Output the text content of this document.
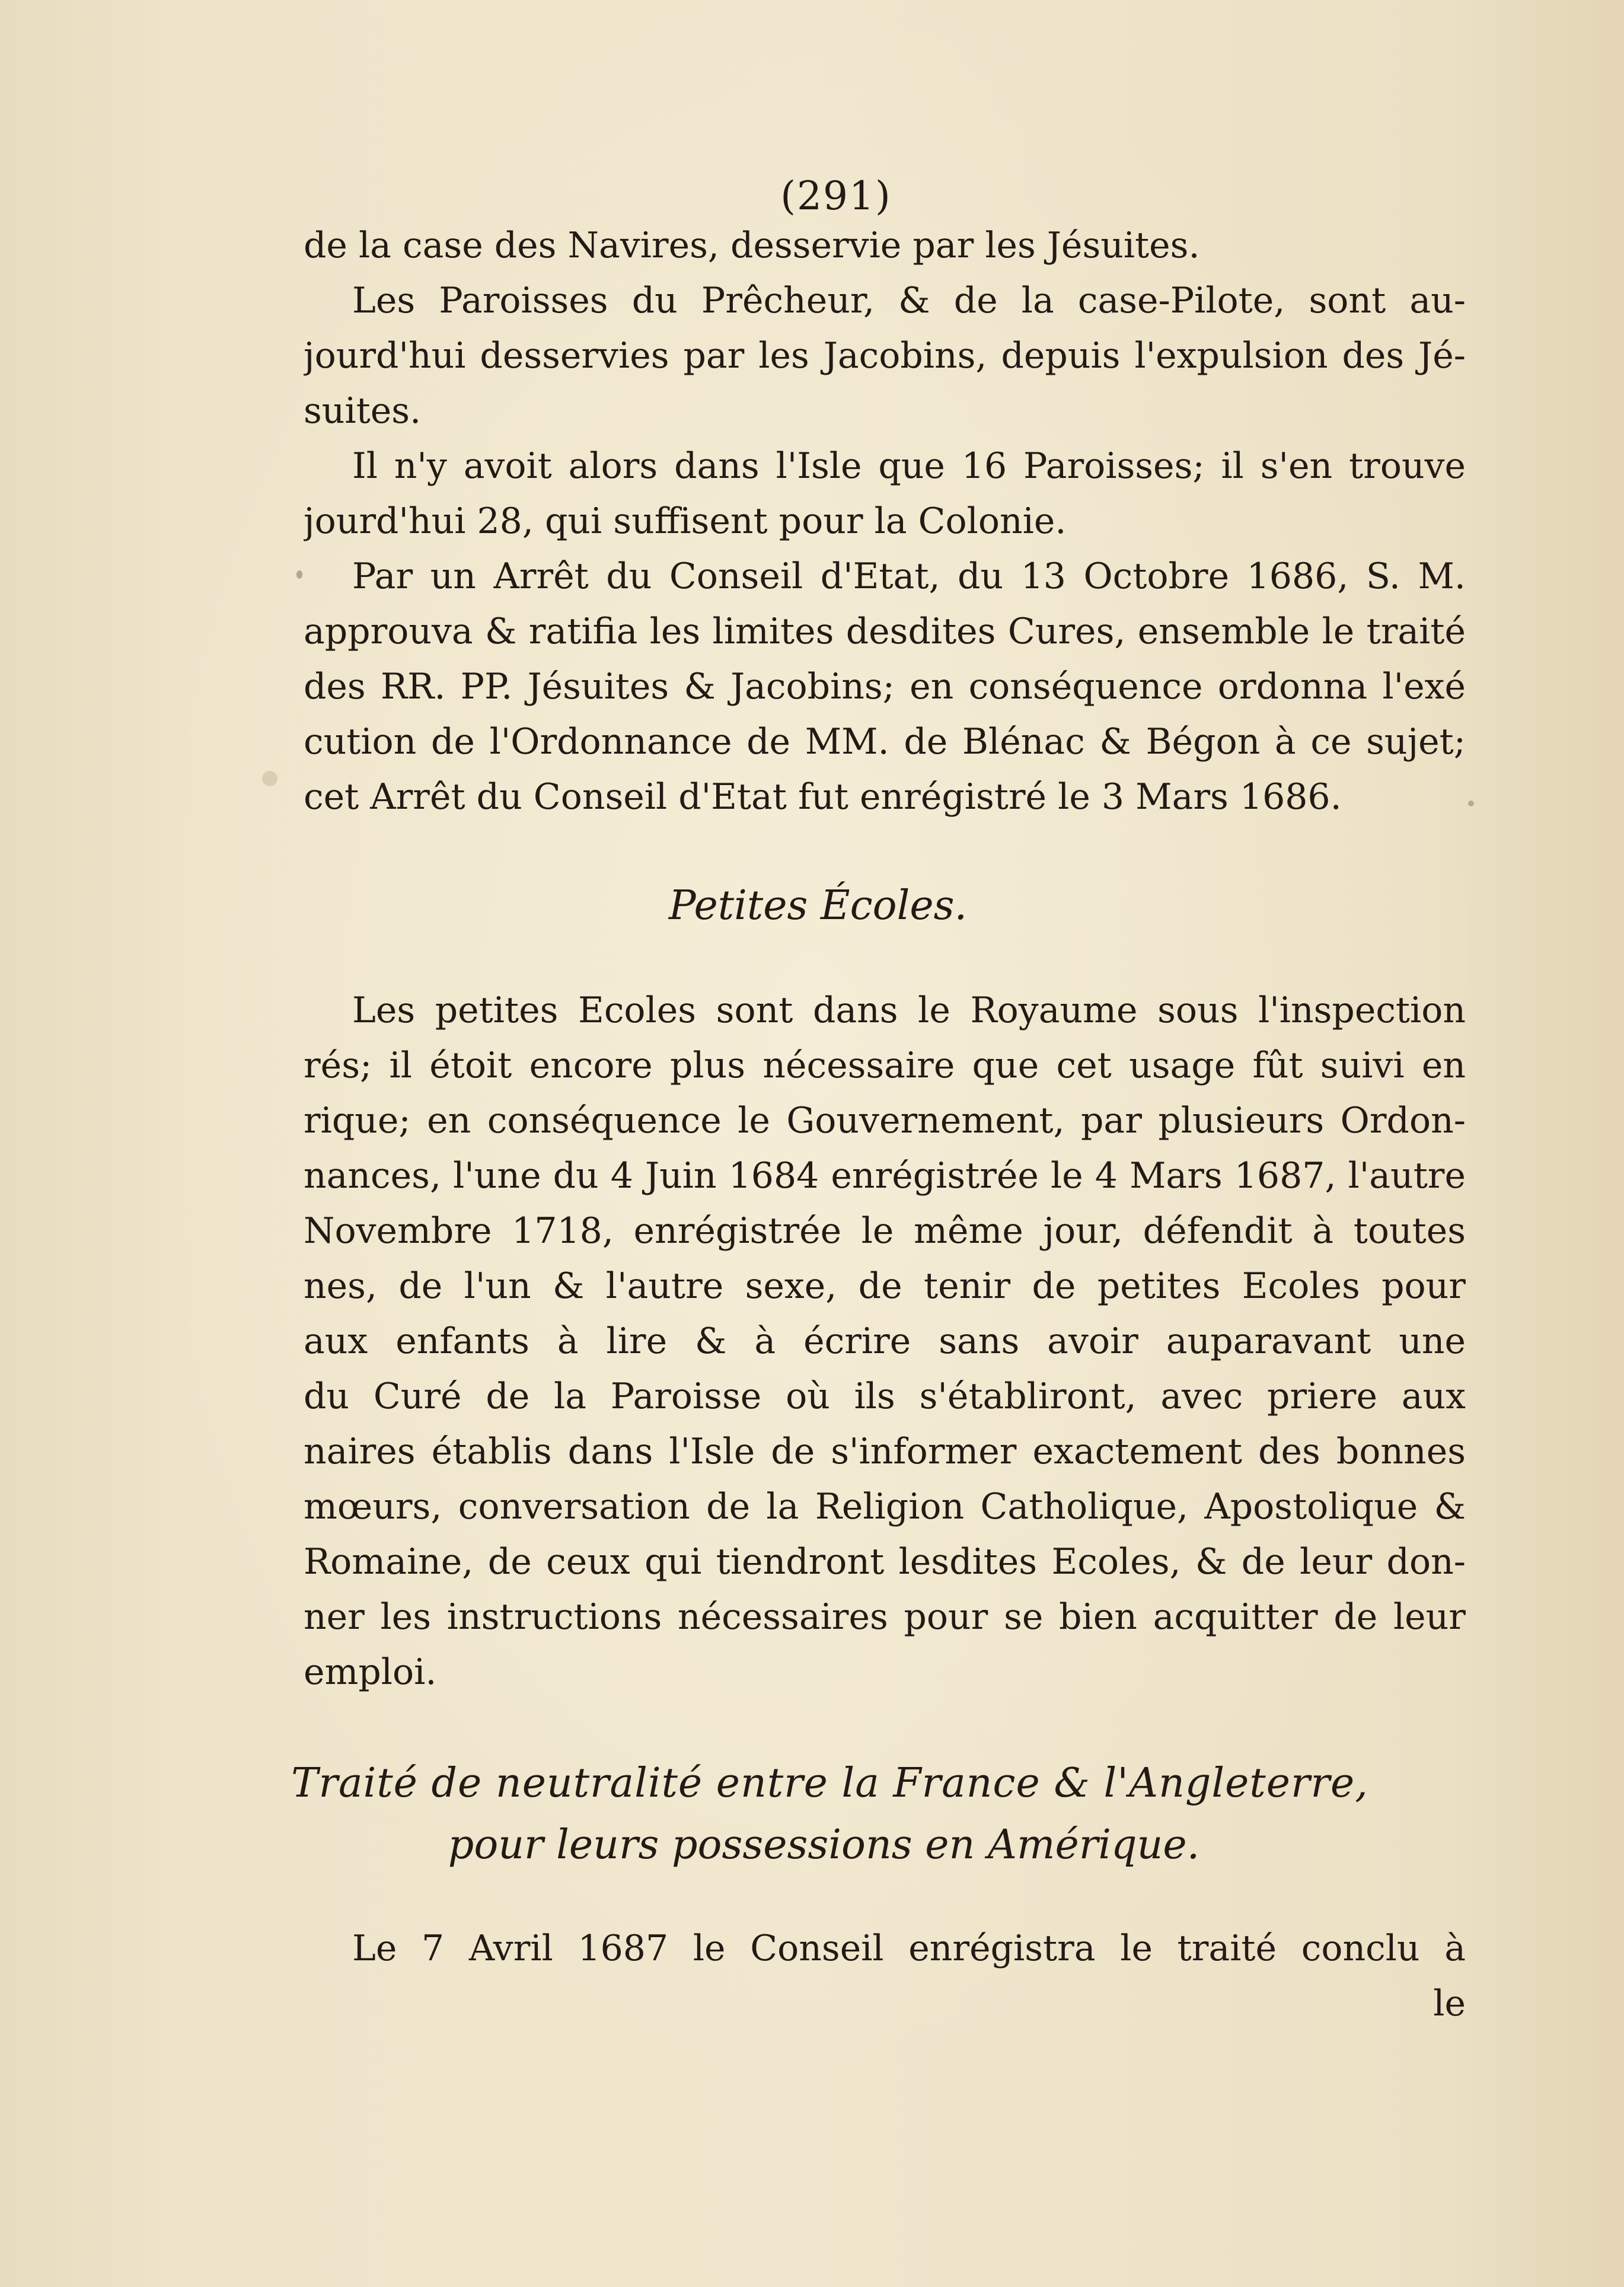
(291)
de la case des Navires, desservie par les Jésuites.
Les Paroisses du Prêcheur, & de la case-Pilote, sont au-
jourd'hui desservies par les Jacobins, depuis l'expulsion des Jé-
suites.
Il n'y avoit alors dans l'Isle que 16 Paroisses; il s'en trouve
jourd'hui 28, qui suffisent pour la Colonie.
Par un Arrêt du Conseil d'Etat, du 13 Octobre 1686, S. M.
approuva & ratifia les limites desdites Cures, ensemble le traité
des RR. PP. Jésuites & Jacobins; en conséquence ordonna l'exé
cution de l'Ordonnance de MM. de Blénac & Bégon à ce sujet;
cet Arrêt du Conseil d'Etat fut enrégistré le 3 Mars 1686.
Petites Écoles.
Les petites Ecoles sont dans le Royaume sous l'inspection
rés; il étoit encore plus nécessaire que cet usage fût suivi en
rique; en conséquence le Gouvernement, par plusieurs Ordon-
nances, l'une du 4 Juin 1684 enrégistrée le 4 Mars 1687, l'autre
Novembre 1718, enrégistrée le même jour, défendit à toutes
nes, de l'un & l'autre sexe, de tenir de petites Ecoles pour
aux enfants à lire & à écrire sans avoir auparavant une
du Curé de la Paroisse où ils s'établiront, avec priere aux
naires établis dans l'Isle de s'informer exactement des bonnes
mœurs, conversation de la Religion Catholique, Apostolique &
Romaine, de ceux qui tiendront lesdites Ecoles, & de leur don-
ner les instructions nécessaires pour se bien acquitter de leur
emploi.
Traité de neutralité entre la France & l'Angleterre,
pour leurs possessions en Amérique.
Le 7 Avril 1687 le Conseil enrégistra le traité conclu à
le
